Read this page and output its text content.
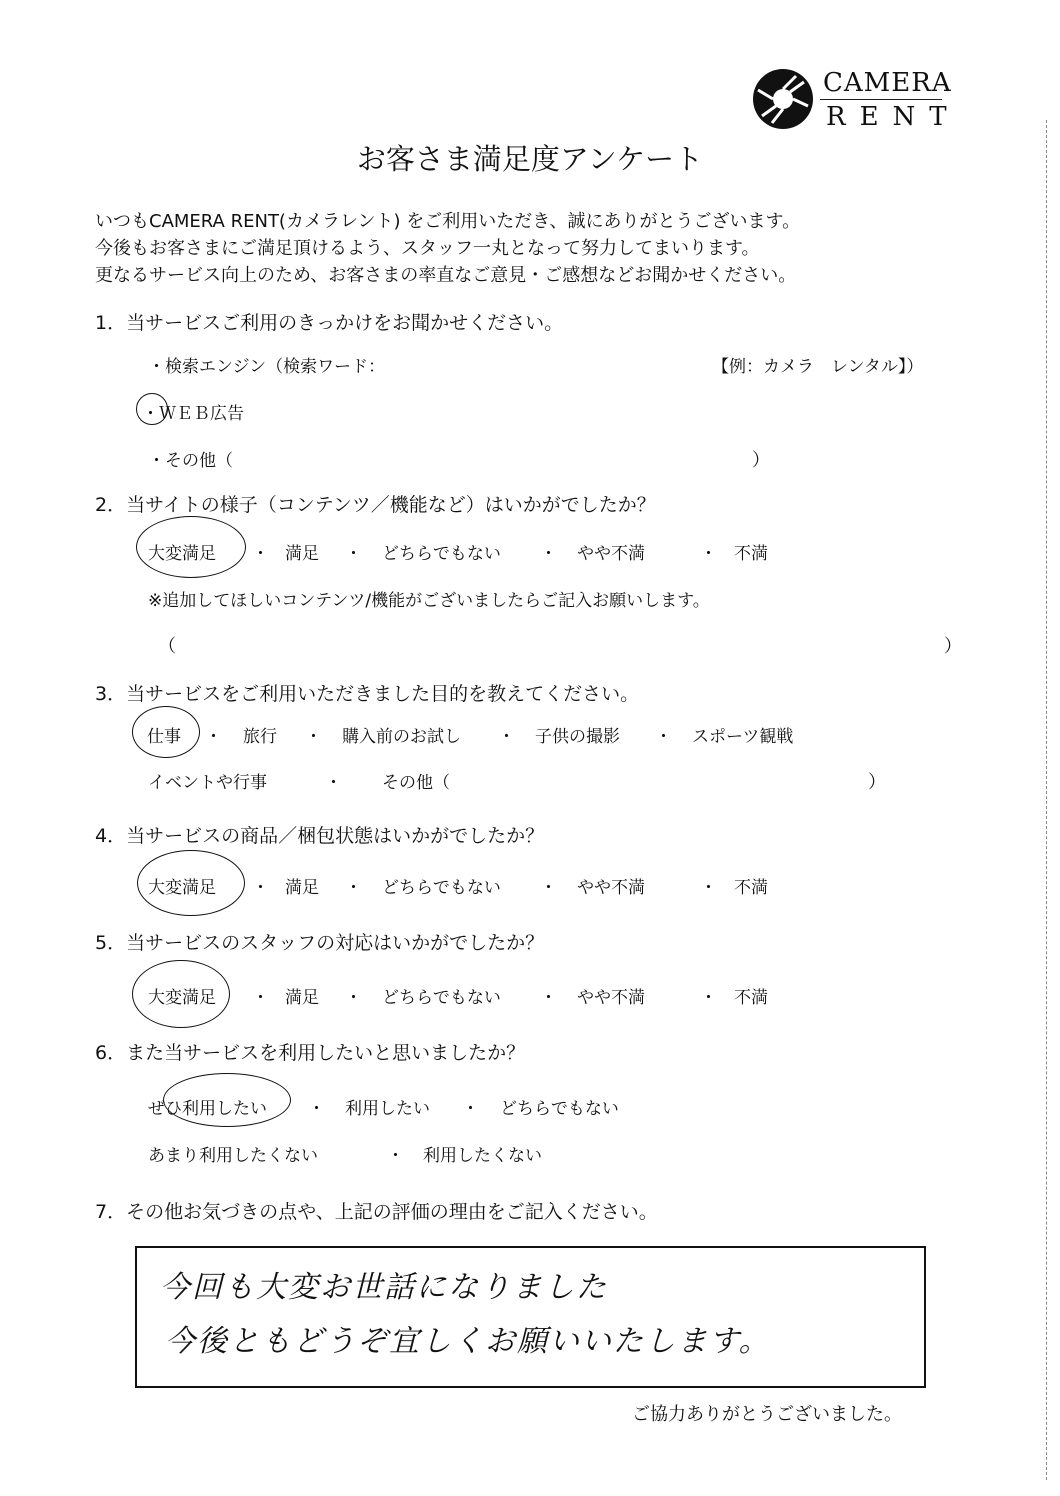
CAMERA
RENT
お客さま満足度アンケート
いつもCAMERA RENT(カメラレント) をご利用いただき、誠にありがとうございます。
今後もお客さまにご満足頂けるよう、スタッフ一丸となって努力してまいります。
更なるサービス向上のため、お客さまの率直なご意見・ご感想などお聞かせください。
1．当サービスご利用のきっかけをお聞かせください。
・検索エンジン（検索ワード：	【例：カメラ　レンタル】）
・ＷＥＢ広告
・その他（	）
2．当サイトの様子（コンテンツ／機能など）はいかがでしたか？
大変満足 ・ 満足 ・ どちらでもない ・ やや不満	・ 不満
※追加してほしいコンテンツ/機能がございましたらご記入お願いします。
（	）
3．当サービスをご利用いただきました目的を教えてください。
仕事 ・ 旅行 ・ 購入前のお試し ・ 子供の撮影 ・ スポーツ観戦
イベントや行事	・ その他（	）
4．当サービスの商品／梱包状態はいかがでしたか？
大変満足 ・ 満足 ・ どちらでもない ・ やや不満	・ 不満
5．当サービスのスタッフの対応はいかがでしたか？
大変満足 ・ 満足 ・ どちらでもない ・ やや不満	・ 不満
6．また当サービスを利用したいと思いましたか？
ぜひ利用したい ・ 利用したい ・ どちらでもない
あまり利用したくない	・ 利用したくない
7．その他お気づきの点や、上記の評価の理由をご記入ください。
今回も大変お世話になりました
今後ともどうぞ宜しくお願いいたします。
ご協力ありがとうございました。
